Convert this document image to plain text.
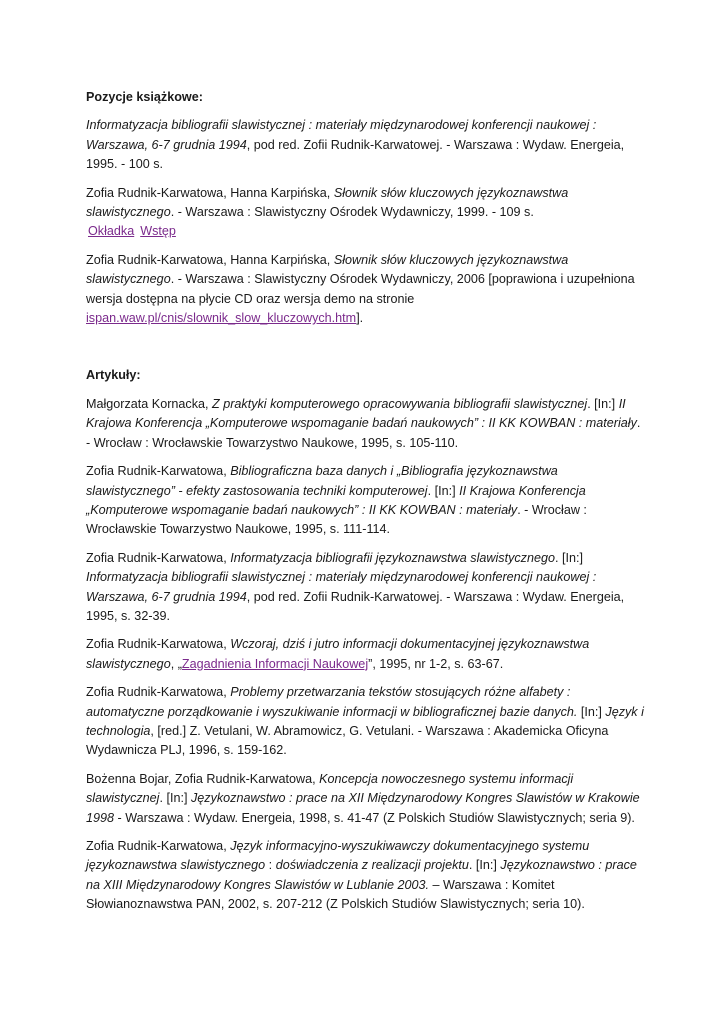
Pozycje książkowe:

Informatyzacja bibliografii slawistycznej : materiały międzynarodowej konferencji naukowej : Warszawa, 6-7 grudnia 1994, pod red. Zofii Rudnik-Karwatowej. - Warszawa : Wydaw. Energeia, 1995. - 100 s.

Zofia Rudnik-Karwatowa, Hanna Karpińska, Słownik słów kluczowych językoznawstwa slawistycznego. - Warszawa : Slawistyczny Ośrodek Wydawniczy, 1999. - 109 s.
Okładka Wstęp

Zofia Rudnik-Karwatowa, Hanna Karpińska, Słownik słów kluczowych językoznawstwa slawistycznego. - Warszawa : Slawistyczny Ośrodek Wydawniczy, 2006 [poprawiona i uzupełniona wersja dostępna na płycie CD oraz wersja demo na stronie ispan.waw.pl/cnis/slownik_slow_kluczowych.htm].

Artykuły:

Małgorzata Kornacka, Z praktyki komputerowego opracowywania bibliografii slawistycznej. [In:] II Krajowa Konferencja „Komputerowe wspomaganie badań naukowych” : II KK KOWBAN : materiały. - Wrocław : Wrocławskie Towarzystwo Naukowe, 1995, s. 105-110.

Zofia Rudnik-Karwatowa, Bibliograficzna baza danych i „Bibliografia językoznawstwa slawistycznego” - efekty zastosowania techniki komputerowej. [In:] II Krajowa Konferencja „Komputerowe wspomaganie badań naukowych” : II KK KOWBAN : materiały. - Wrocław : Wrocławskie Towarzystwo Naukowe, 1995, s. 111-114.

Zofia Rudnik-Karwatowa, Informatyzacja bibliografii językoznawstwa slawistycznego. [In:] Informatyzacja bibliografii slawistycznej : materiały międzynarodowej konferencji naukowej : Warszawa, 6-7 grudnia 1994, pod red. Zofii Rudnik-Karwatowej. - Warszawa : Wydaw. Energeia, 1995, s. 32-39.

Zofia Rudnik-Karwatowa, Wczoraj, dziś i jutro informacji dokumentacyjnej językoznawstwa slawistycznego, „Zagadnienia Informacji Naukowej”, 1995, nr 1-2, s. 63-67.

Zofia Rudnik-Karwatowa, Problemy przetwarzania tekstów stosujących różne alfabety : automatyczne porządkowanie i wyszukiwanie informacji w bibliograficznej bazie danych. [In:] Język i technologia, [red.] Z. Vetulani, W. Abramowicz, G. Vetulani. - Warszawa : Akademicka Oficyna Wydawnicza PLJ, 1996, s. 159-162.

Bożenna Bojar, Zofia Rudnik-Karwatowa, Koncepcja nowoczesnego systemu informacji slawistycznej. [In:] Językoznawstwo : prace na XII Międzynarodowy Kongres Slawistów w Krakowie 1998 - Warszawa : Wydaw. Energeia, 1998, s. 41-47 (Z Polskich Studiów Slawistycznych; seria 9).

Zofia Rudnik-Karwatowa, Język informacyjno-wyszukiwawczy dokumentacyjnego systemu językoznawstwa slawistycznego : doświadczenia z realizacji projektu. [In:] Językoznawstwo : prace na XIII Międzynarodowy Kongres Slawistów w Lublanie 2003. – Warszawa : Komitet Słowianoznawstwa PAN, 2002, s. 207-212 (Z Polskich Studiów Slawistycznych; seria 10).
